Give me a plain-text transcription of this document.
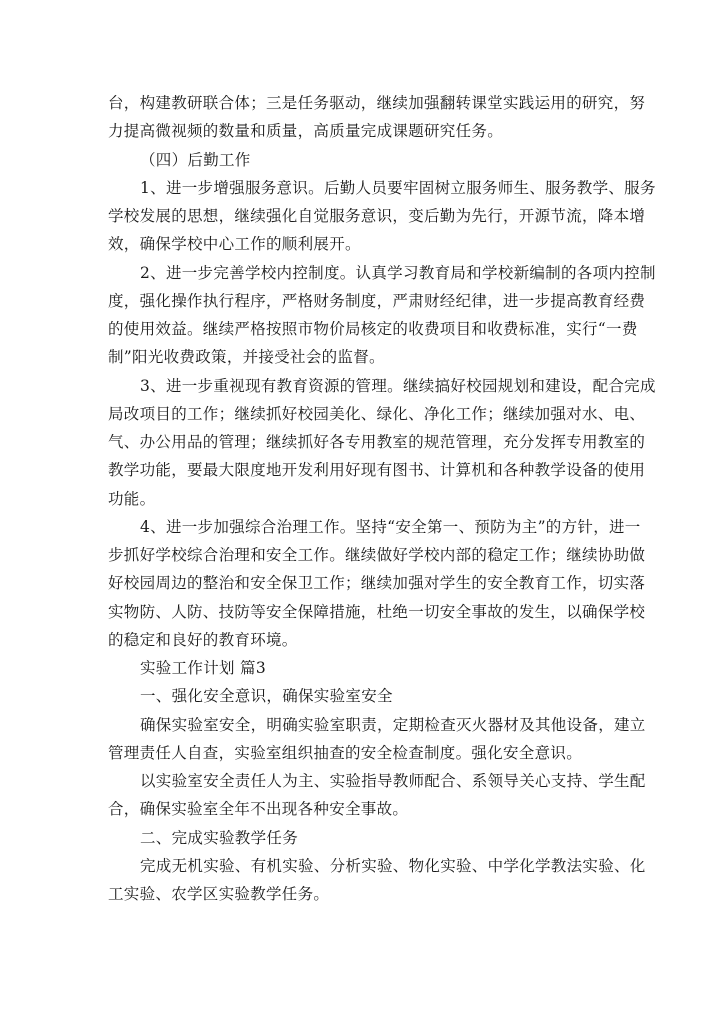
台，构建教研联合体；三是任务驱动，继续加强翻转课堂实践运用的研究，努
力提高微视频的数量和质量，高质量完成课题研究任务。
（四）后勤工作
1、进一步增强服务意识。后勤人员要牢固树立服务师生、服务教学、服务
学校发展的思想，继续强化自觉服务意识，变后勤为先行，开源节流，降本增
效，确保学校中心工作的顺利展开。
2、进一步完善学校内控制度。认真学习教育局和学校新编制的各项内控制
度，强化操作执行程序，严格财务制度，严肃财经纪律，进一步提高教育经费
的使用效益。继续严格按照市物价局核定的收费项目和收费标准，实行“一费
制”阳光收费政策，并接受社会的监督。
3、进一步重视现有教育资源的管理。继续搞好校园规划和建设，配合完成
局改项目的工作；继续抓好校园美化、绿化、净化工作；继续加强对水、电、
气、办公用品的管理；继续抓好各专用教室的规范管理，充分发挥专用教室的
教学功能，要最大限度地开发利用好现有图书、计算机和各种教学设备的使用
功能。
4、进一步加强综合治理工作。坚持“安全第一、预防为主”的方针，进一
步抓好学校综合治理和安全工作。继续做好学校内部的稳定工作；继续协助做
好校园周边的整治和安全保卫工作；继续加强对学生的安全教育工作，切实落
实物防、人防、技防等安全保障措施，杜绝一切安全事故的发生，以确保学校
的稳定和良好的教育环境。
实验工作计划 篇3
一、强化安全意识，确保实验室安全
确保实验室安全，明确实验室职责，定期检查灭火器材及其他设备，建立
管理责任人自查，实验室组织抽查的安全检查制度。强化安全意识。
以实验室安全责任人为主、实验指导教师配合、系领导关心支持、学生配
合，确保实验室全年不出现各种安全事故。
二、完成实验教学任务
完成无机实验、有机实验、分析实验、物化实验、中学化学教法实验、化
工实验、农学区实验教学任务。
